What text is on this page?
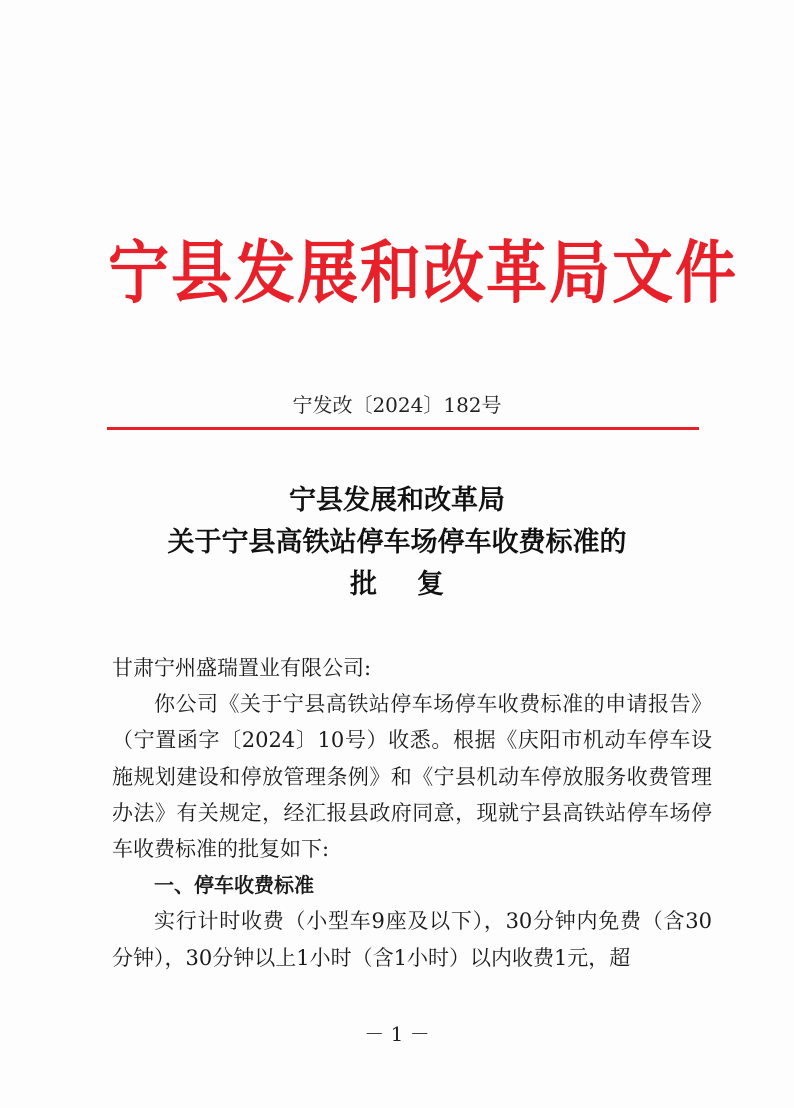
宁县发展和改革局文件
宁发改〔2024〕182号
宁县发展和改革局
关于宁县高铁站停车场停车收费标准的
批复

甘肃宁州盛瑞置业有限公司:

你公司《关于宁县高铁站停车场停车收费标准的申请报告》（宁置函字〔2024〕10号）收悉。根据《庆阳市机动车停车设施规划建设和停放管理条例》和《宁县机动车停放服务收费管理办法》有关规定，经汇报县政府同意，现就宁县高铁站停车场停车收费标准的批复如下:

一、停车收费标准

实行计时收费（小型车9座及以下），30分钟内免费（含30分钟），30分钟以上1小时（含1小时）以内收费1元，超

－ 1 －
